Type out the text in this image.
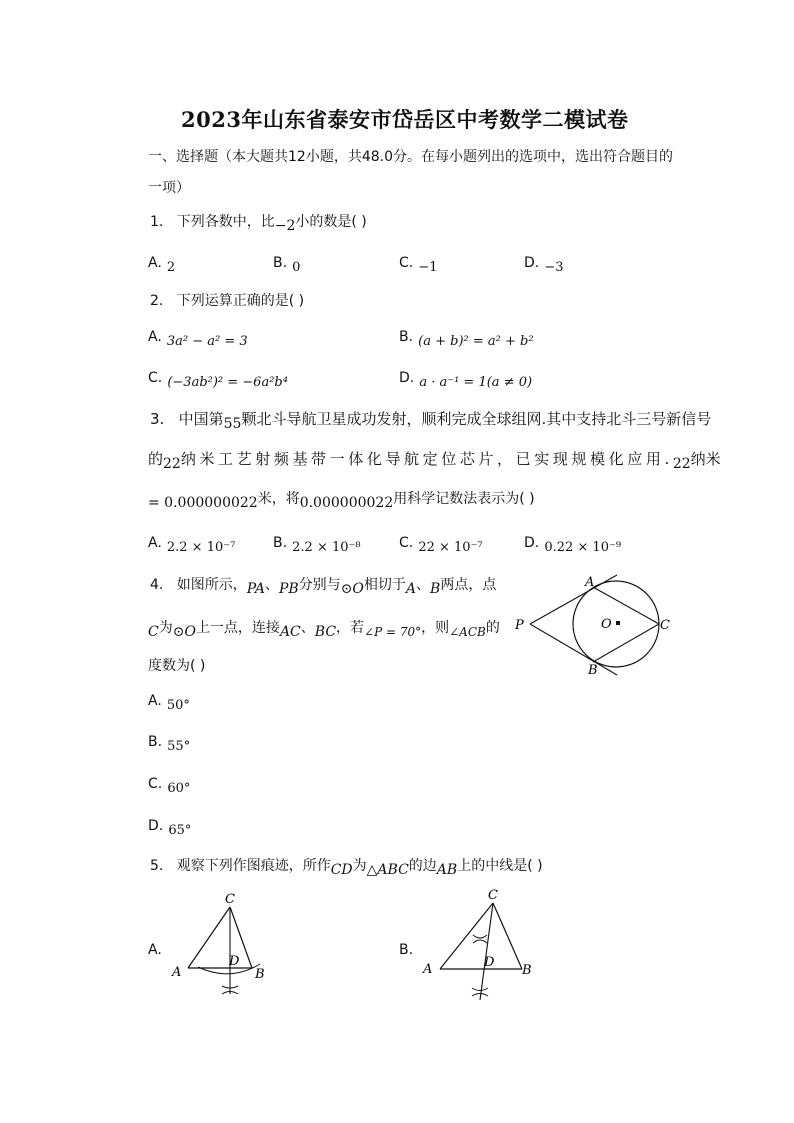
2023年山东省泰安市岱岳区中考数学二模试卷
一、选择题（本大题共12小题，共48.0分。在每小题列出的选项中，选出符合题目的
一项）
1. 下列各数中，比−2小的数是( )
A. 2	B. 0	C. −1	D. −3
2. 下列运算正确的是( )
A. 3a² − a² = 3	B. (a + b)² = a² + b²
C. (−3ab²)² = −6a²b⁴	D. a · a⁻¹ = 1(a ≠ 0)
3. 中国第55颗北斗导航卫星成功发射，顺利完成全球组网.其中支持北斗三号新信号
的22纳米工艺射频基带一体化导航定位芯片，已实现规模化应用.22纳米
= 0.000000022米，将0.000000022用科学记数法表示为( )
A. 2.2 × 10⁻⁷	B. 2.2 × 10⁻⁸	C. 22 × 10⁻⁷	D. 0.22 × 10⁻⁹
4. 如图所示，PA、PB分别与⊙O相切于A、B两点，点
C为⊙O上一点，连接AC、BC，若∠P = 70°，则∠ACB的
度数为( )
A. 50°
B. 55°
C. 60°
D. 65°
P
A
B
C
O
5. 观察下列作图痕迹，所作CD为△ABC的边AB上的中线是( )
A.
C
A	B
D
B.
C
A	B
D
